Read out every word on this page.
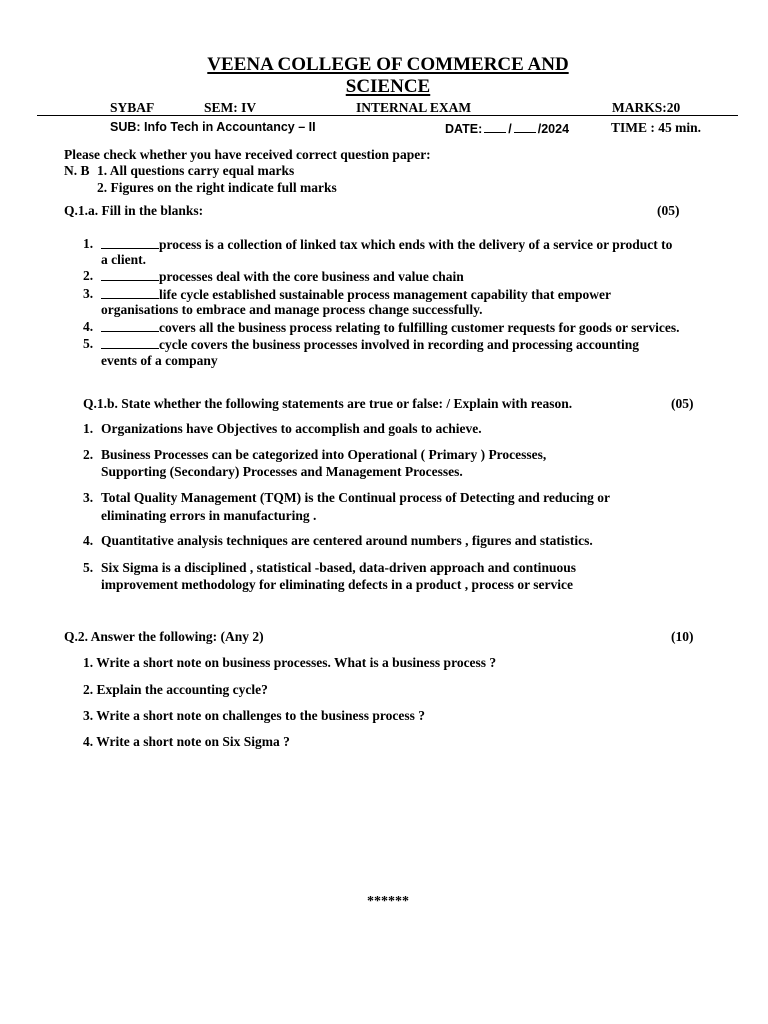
VEENA COLLEGE OF COMMERCE AND
SCIENCE
SYBAF	SEM: IV	INTERNAL EXAM	MARKS:20
SUB: Info Tech in Accountancy – II	DATE: / /2024	TIME : 45 min.
Please check whether you have received correct question paper:
N. B 1. All questions carry equal marks
2. Figures on the right indicate full marks
Q.1.a. Fill in the blanks:	(05)
1.	process is a collection of linked tax which ends with the delivery of a service or product to
a client.
2.	processes deal with the core business and value chain
3.	life cycle established sustainable process management capability that empower
organisations to embrace and manage process change successfully.
4.	covers all the business process relating to fulfilling customer requests for goods or services.
5.	cycle covers the business processes involved in recording and processing accounting
events of a company
Q.1.b. State whether the following statements are true or false: / Explain with reason.	(05)
1. Organizations have Objectives to accomplish and goals to achieve.
2. Business Processes can be categorized into Operational ( Primary ) Processes,
Supporting (Secondary) Processes and Management Processes.
3. Total Quality Management (TQM) is the Continual process of Detecting and reducing or
eliminating errors in manufacturing .
4. Quantitative analysis techniques are centered around numbers , figures and statistics.
5. Six Sigma is a disciplined , statistical -based, data-driven approach and continuous
improvement methodology for eliminating defects in a product , process or service
Q.2. Answer the following: (Any 2)	(10)
1. Write a short note on business processes. What is a business process ?
2. Explain the accounting cycle?
3. Write a short note on challenges to the business process ?
4. Write a short note on Six Sigma ?
******
